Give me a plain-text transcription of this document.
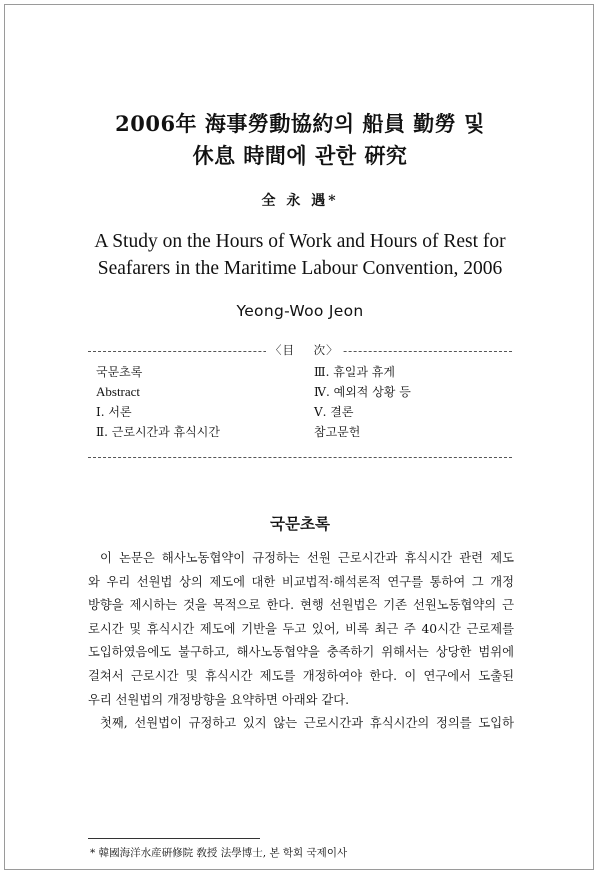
2006年 海事勞動協約의 船員 勤勞 및
休息 時間에 관한 硏究
全 永 遇*
A Study on the Hours of Work and Hours of Rest for
Seafarers in the Maritime Labour Convention, 2006
Yeong-Woo Jeon
〈目    次〉
국문초록
Abstract
Ⅰ. 서론
Ⅱ. 근로시간과 휴식시간
Ⅲ. 휴일과 휴게
Ⅳ. 예외적 상황 등
Ⅴ. 결론
참고문헌
국문초록
이 논문은 해사노동협약이 규정하는 선원 근로시간과 휴식시간 관련 제도
와 우리 선원법 상의 제도에 대한 비교법적·해석론적 연구를 통하여 그 개정
방향을 제시하는 것을 목적으로 한다. 현행 선원법은 기존 선원노동협약의 근
로시간 및 휴식시간 제도에 기반을 두고 있어, 비록 최근 주 40시간 근로제를
도입하였음에도 불구하고, 해사노동협약을 충족하기 위해서는 상당한 범위에
걸쳐서 근로시간 및 휴식시간 제도를 개정하여야 한다. 이 연구에서 도출된
우리 선원법의 개정방향을 요약하면 아래와 같다.
첫째, 선원법이 규정하고 있지 않는 근로시간과 휴식시간의 정의를 도입하
* 韓國海洋水産硏修院 敎授 法學博士, 본 학회 국제이사
